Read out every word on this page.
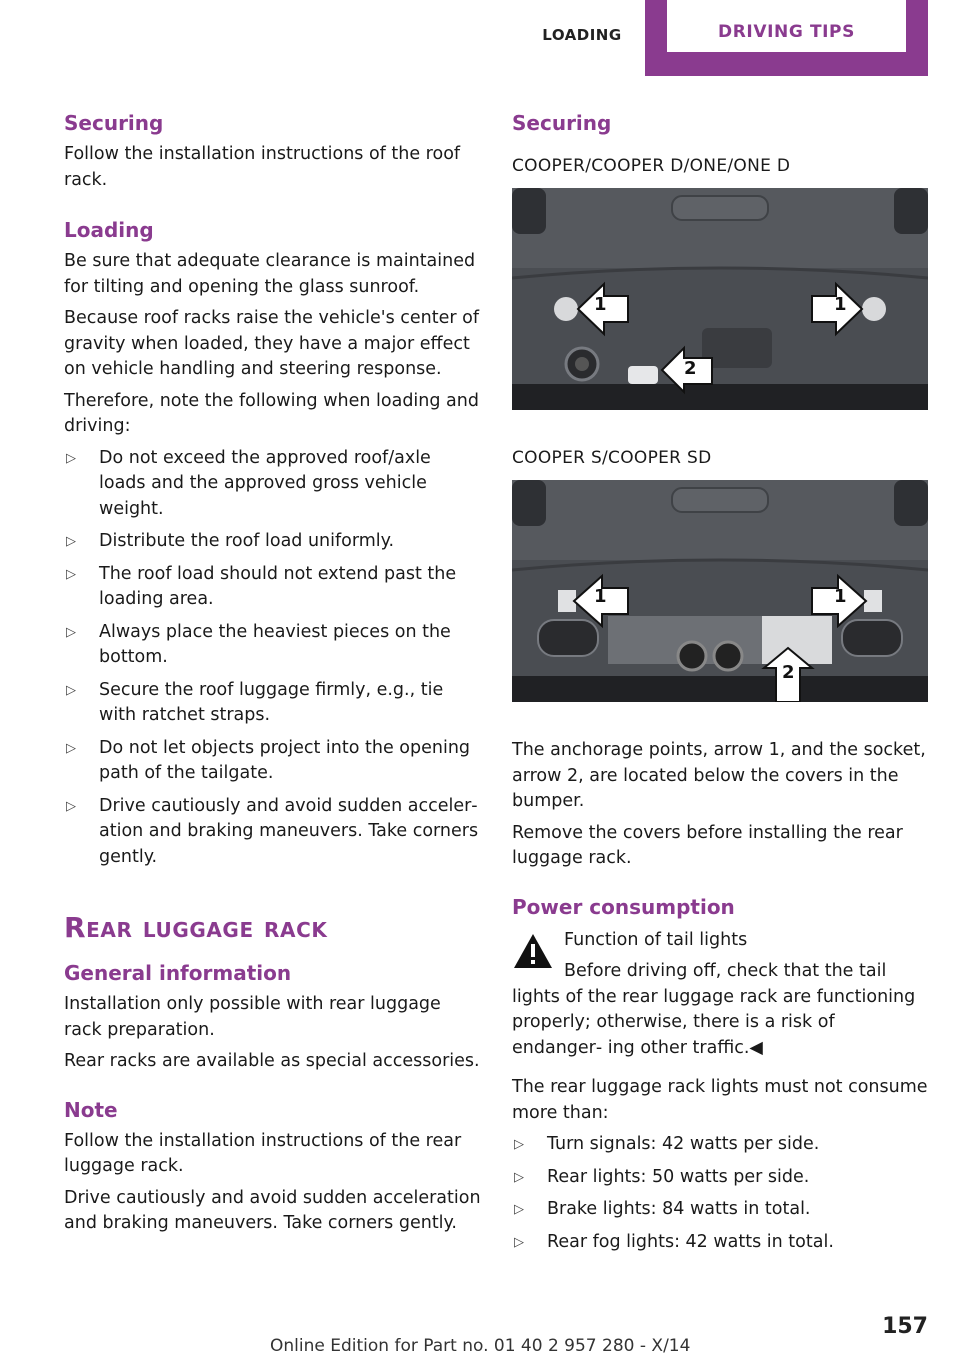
LOADING	DRIVING TIPS
Securing
Follow the installation instructions of the roof rack.
Loading
Be sure that adequate clearance is maintained for tilting and opening the glass sunroof.
Because roof racks raise the vehicle's center of gravity when loaded, they have a major effect on vehicle handling and steering response.
Therefore, note the following when loading and driving:
▷ Do not exceed the approved roof/axle loads and the approved gross vehicle weight.
▷ Distribute the roof load uniformly.
▷ The roof load should not extend past the loading area.
▷ Always place the heaviest pieces on the bottom.
▷ Secure the roof luggage firmly, e.g., tie with ratchet straps.
▷ Do not let objects project into the opening path of the tailgate.
▷ Drive cautiously and avoid sudden acceler‐ ation and braking maneuvers. Take corners gently.
Rear luggage rack
General information
Installation only possible with rear luggage rack preparation.
Rear racks are available as special accessories.
Note
Follow the installation instructions of the rear luggage rack.
Drive cautiously and avoid sudden acceleration and braking maneuvers. Take corners gently.
Securing
COOPER/COOPER D/ONE/ONE D
1	1
2
COOPER S/COOPER SD
1	1
2
The anchorage points, arrow 1, and the socket, arrow 2, are located below the covers in the bumper.
Remove the covers before installing the rear luggage rack.
Power consumption
Function of tail lights
Before driving off, check that the tail lights of the rear luggage rack are functioning properly; otherwise, there is a risk of endanger‐ ing other traffic.◀
The rear luggage rack lights must not consume more than:
▷ Turn signals: 42 watts per side.
▷ Rear lights: 50 watts per side.
▷ Brake lights: 84 watts in total.
▷ Rear fog lights: 42 watts in total.
Online Edition for Part no. 01 40 2 957 280 - X/14
157
